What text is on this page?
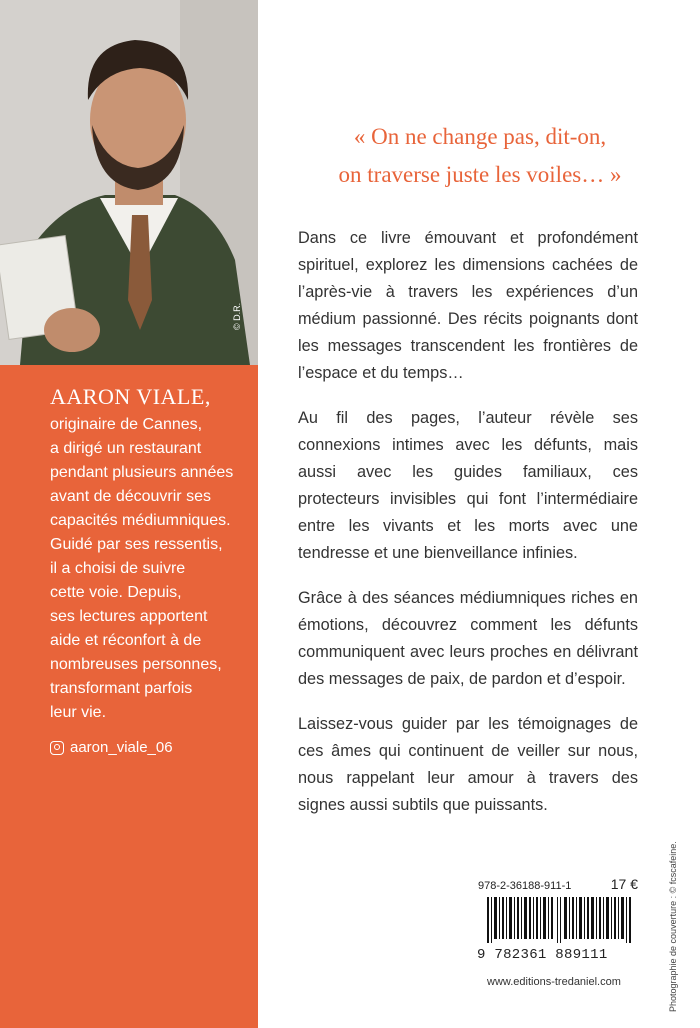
© D.R.
AARON VIALE,
originaire de Cannes,
a dirigé un restaurant
pendant plusieurs années
avant de découvrir ses
capacités médiumniques.
Guidé par ses ressentis,
il a choisi de suivre
cette voie. Depuis,
ses lectures apportent
aide et réconfort à de
nombreuses personnes,
transformant parfois
leur vie.
aaron_viale_06
« On ne change pas, dit-on,
on traverse juste les voiles… »

Dans ce livre émouvant et profondément spirituel, explorez les dimensions cachées de l’après-vie à travers les expériences d’un médium passionné. Des récits poignants dont les messages transcendent les frontières de l’espace et du temps…

Au fil des pages, l’auteur révèle ses connexions intimes avec les défunts, mais aussi avec les guides familiaux, ces protecteurs invisibles qui font l’intermédiaire entre les vivants et les morts avec une tendresse et une bienveillance infinies.

Grâce à des séances médiumniques riches en émotions, découvrez comment les défunts communiquent avec leurs proches en délivrant des messages de paix, de pardon et d’espoir.

Laissez-vous guider par les témoignages de ces âmes qui continuent de veiller sur nous, nous rappelant leur amour à travers des signes aussi subtils que puissants.

Photographie de couverture : © fcscafeine.
978-2-36188-911-1	17 €
9 782361 889111
www.editions-tredaniel.com
